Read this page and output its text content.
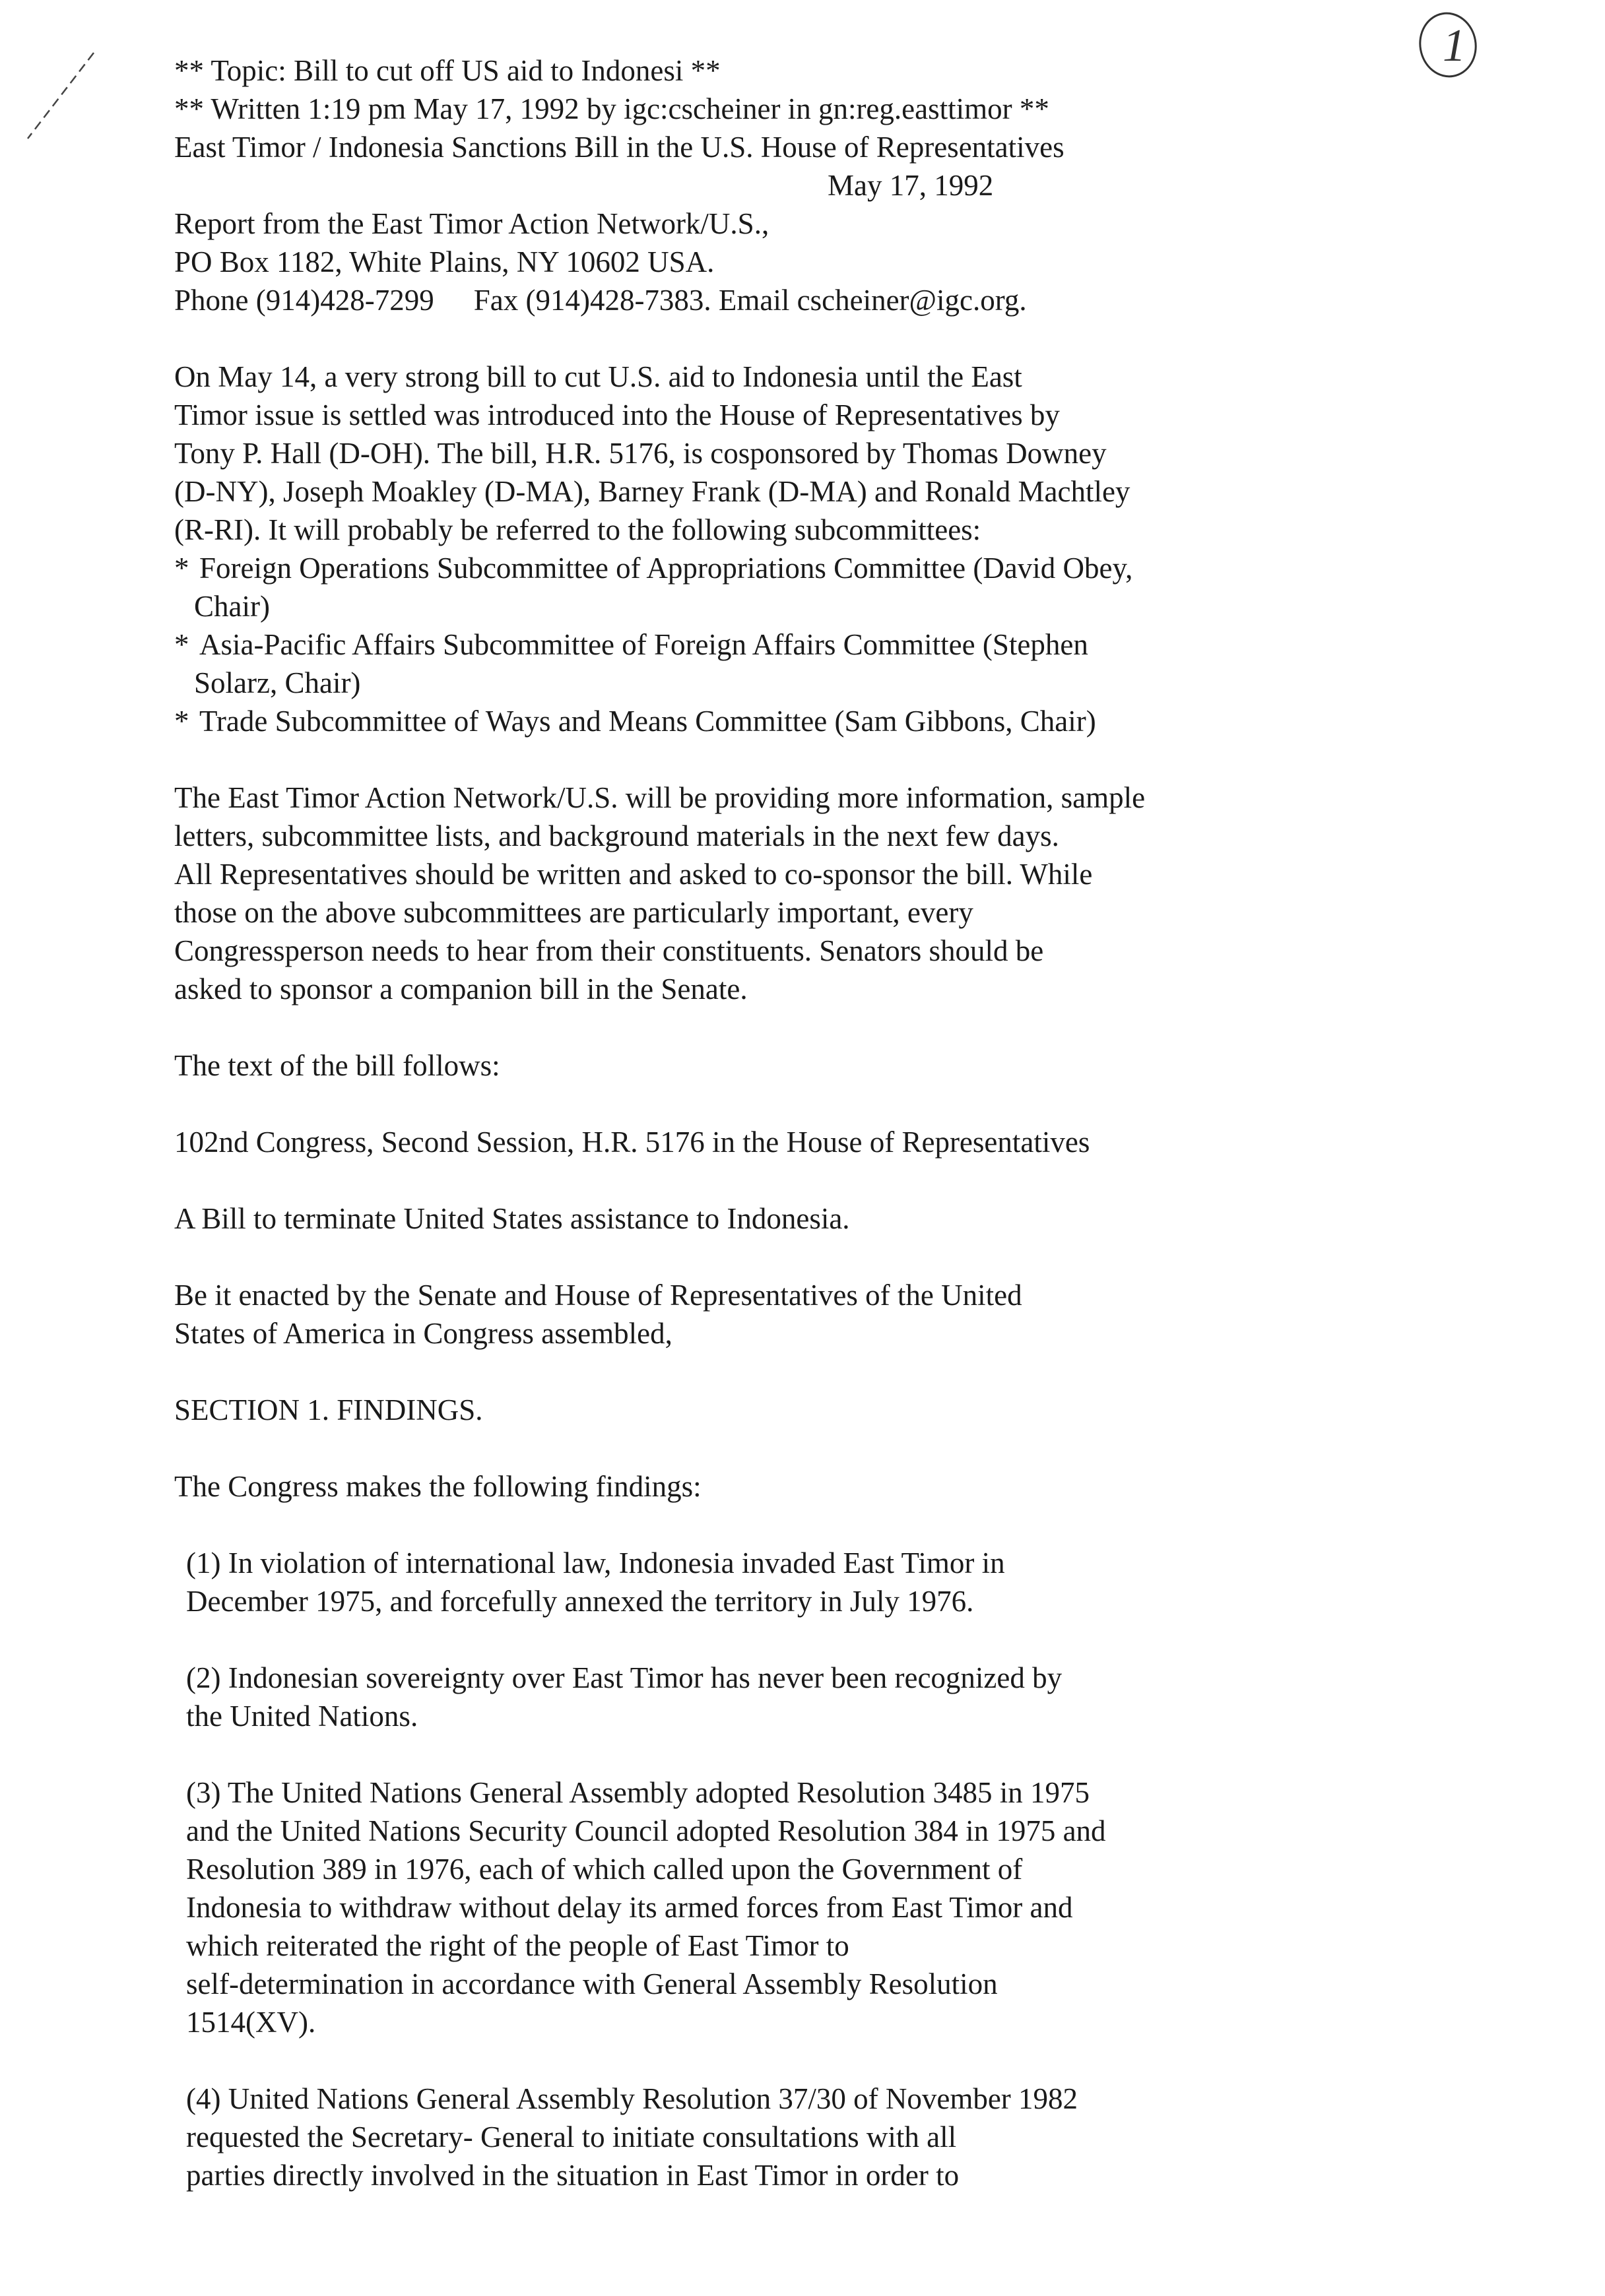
1
** Topic: Bill to cut off US aid to Indonesi **
** Written 1:19 pm May 17, 1992 by igc:cscheiner in gn:reg.easttimor **
East Timor / Indonesia Sanctions Bill in the U.S. House of Representatives
May 17, 1992
Report from the East Timor Action Network/U.S.,
PO Box 1182, White Plains, NY 10602 USA.
Phone (914)428-7299 Fax (914)428-7383. Email cscheiner@igc.org.
On May 14, a very strong bill to cut U.S. aid to Indonesia until the East
Timor issue is settled was introduced into the House of Representatives by
Tony P. Hall (D-OH). The bill, H.R. 5176, is cosponsored by Thomas Downey
(D-NY), Joseph Moakley (D-MA), Barney Frank (D-MA) and Ronald Machtley
(R-RI). It will probably be referred to the following subcommittees:
* Foreign Operations Subcommittee of Appropriations Committee (David Obey,
Chair)
* Asia-Pacific Affairs Subcommittee of Foreign Affairs Committee (Stephen
Solarz, Chair)
* Trade Subcommittee of Ways and Means Committee (Sam Gibbons, Chair)
The East Timor Action Network/U.S. will be providing more information, sample
letters, subcommittee lists, and background materials in the next few days.
All Representatives should be written and asked to co-sponsor the bill. While
those on the above subcommittees are particularly important, every
Congressperson needs to hear from their constituents. Senators should be
asked to sponsor a companion bill in the Senate.
The text of the bill follows:
102nd Congress, Second Session, H.R. 5176 in the House of Representatives
A Bill to terminate United States assistance to Indonesia.
Be it enacted by the Senate and House of Representatives of the United
States of America in Congress assembled,
SECTION 1. FINDINGS.
The Congress makes the following findings:
(1) In violation of international law, Indonesia invaded East Timor in
December 1975, and forcefully annexed the territory in July 1976.
(2) Indonesian sovereignty over East Timor has never been recognized by
the United Nations.
(3) The United Nations General Assembly adopted Resolution 3485 in 1975
and the United Nations Security Council adopted Resolution 384 in 1975 and
Resolution 389 in 1976, each of which called upon the Government of
Indonesia to withdraw without delay its armed forces from East Timor and
which reiterated the right of the people of East Timor to
self-determination in accordance with General Assembly Resolution
1514(XV).
(4) United Nations General Assembly Resolution 37/30 of November 1982
requested the Secretary- General to initiate consultations with all
parties directly involved in the situation in East Timor in order to
